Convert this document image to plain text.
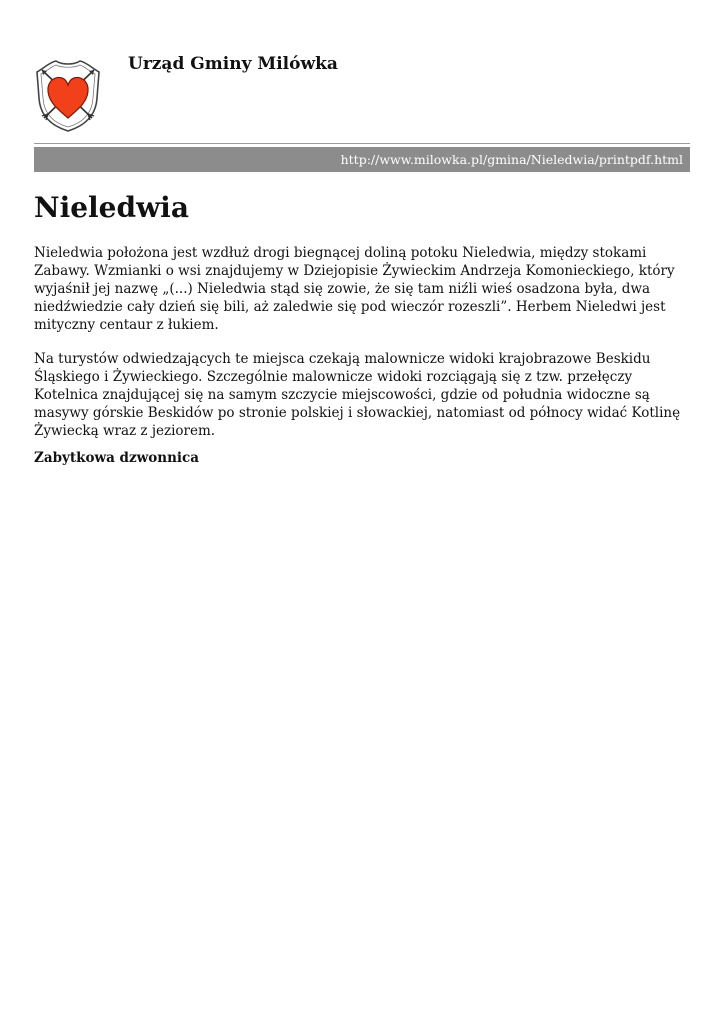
Urząd Gminy Milówka
http://www.milowka.pl/gmina/Nieledwia/printpdf.html
Nieledwia

Nieledwia położona jest wzdłuż drogi biegnącej doliną potoku Nieledwia, między stokami Zabawy. Wzmianki o wsi znajdujemy w Dziejopisie Żywieckim Andrzeja Komonieckiego, który wyjaśnił jej nazwę „(...) Nieledwia stąd się zowie, że się tam niźli wieś osadzona była, dwa niedźwiedzie cały dzień się bili, aż zaledwie się pod wieczór rozeszli”. Herbem Nieledwi jest mityczny centaur z łukiem.

Na turystów odwiedzających te miejsca czekają malownicze widoki krajobrazowe Beskidu Śląskiego i Żywieckiego. Szczególnie malownicze widoki rozciągają się z tzw. przełęczy Kotelnica znajdującej się na samym szczycie miejscowości, gdzie od południa widoczne są masywy górskie Beskidów po stronie polskiej i słowackiej, natomiast od północy widać Kotlinę Żywiecką wraz z jeziorem.

Zabytkowa dzwonnica
